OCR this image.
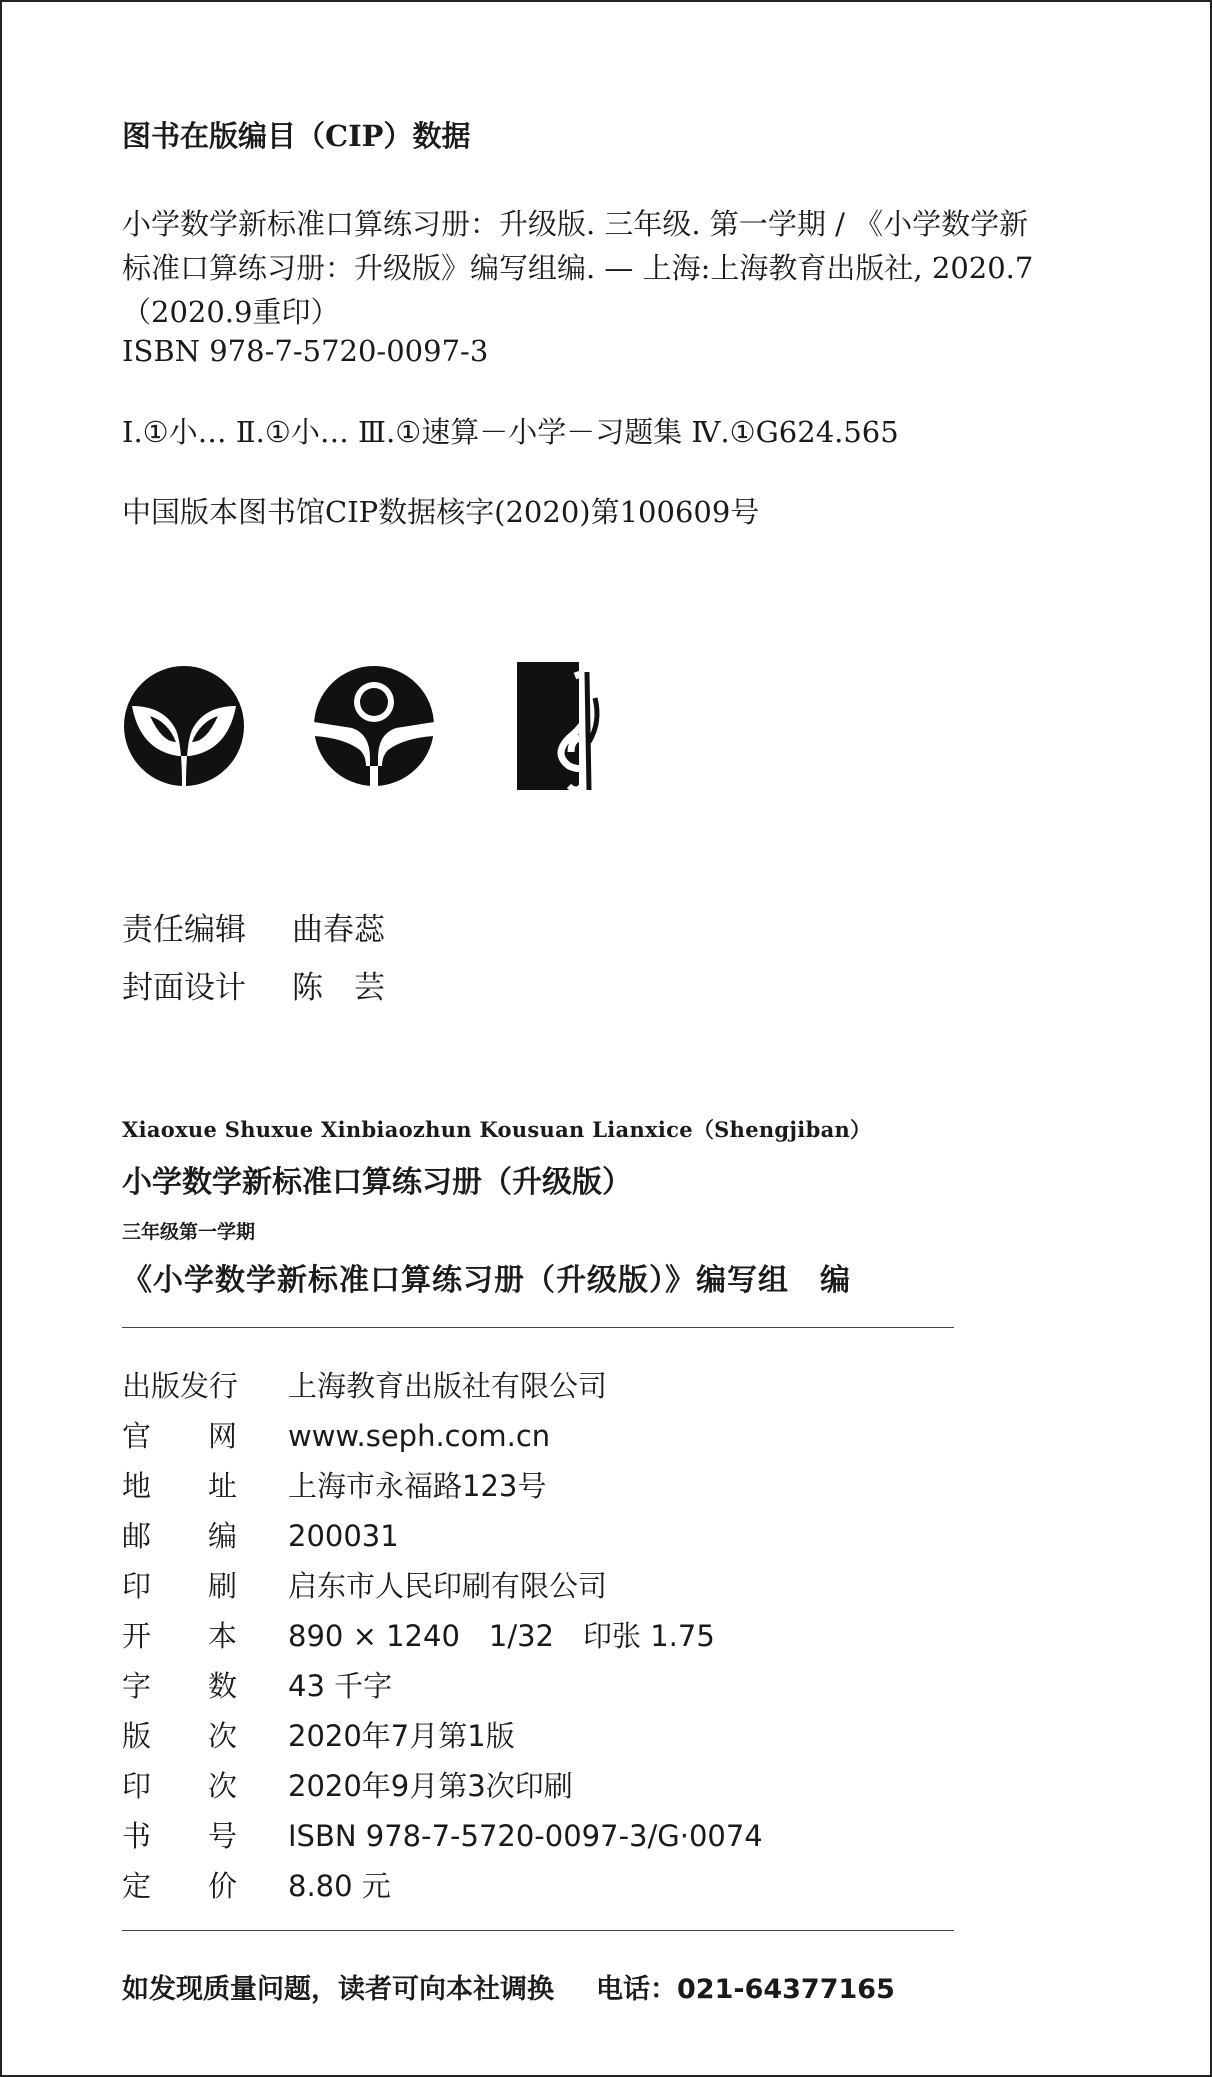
图书在版编目（CIP）数据
小学数学新标准口算练习册：升级版. 三年级. 第一学期 / 《小学数学新
标准口算练习册：升级版》编写组编. — 上海:上海教育出版社, 2020.7
（2020.9重印）
ISBN 978-7-5720-0097-3
Ⅰ.①小… Ⅱ.①小… Ⅲ.①速算－小学－习题集 Ⅳ.①G624.565
中国版本图书馆CIP数据核字(2020)第100609号
责任编辑 曲春蕊
封面设计 陈　芸
Xiaoxue Shuxue Xinbiaozhun Kousuan Lianxice（Shengjiban）
小学数学新标准口算练习册（升级版）
三年级第一学期
《小学数学新标准口算练习册（升级版）》编写组　编
出版发行 上海教育出版社有限公司
官 网 www.seph.com.cn
地 址 上海市永福路123号
邮 编 200031
印 刷 启东市人民印刷有限公司
开 本 890 × 1240　1/32　印张 1.75
字 数 43 千字
版 次 2020年7月第1版
印 次 2020年9月第3次印刷
书 号 ISBN 978-7-5720-0097-3/G·0074
定 价 8.80 元
如发现质量问题，读者可向本社调换 电话：021-64377165
